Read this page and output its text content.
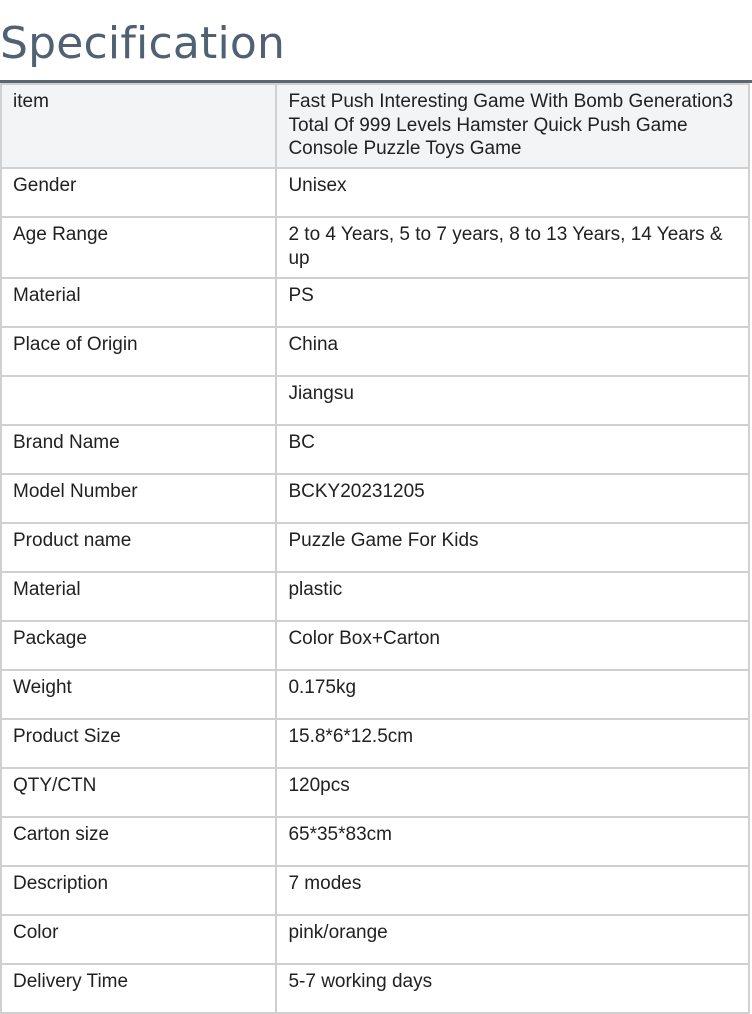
Specification
item	Fast Push Interesting Game With Bomb Generation3 Total Of 999 Levels Hamster Quick Push Game Console Puzzle Toys Game
Gender	Unisex
Age Range	2 to 4 Years, 5 to 7 years, 8 to 13 Years, 14 Years & up
Material	PS
Place of Origin	China
	Jiangsu
Brand Name	BC
Model Number	BCKY20231205
Product name	Puzzle Game For Kids
Material	plastic
Package	Color Box+Carton
Weight	0.175kg
Product Size	15.8*6*12.5cm
QTY/CTN	120pcs
Carton size	65*35*83cm
Description	7 modes
Color	pink/orange
Delivery Time	5-7 working days
